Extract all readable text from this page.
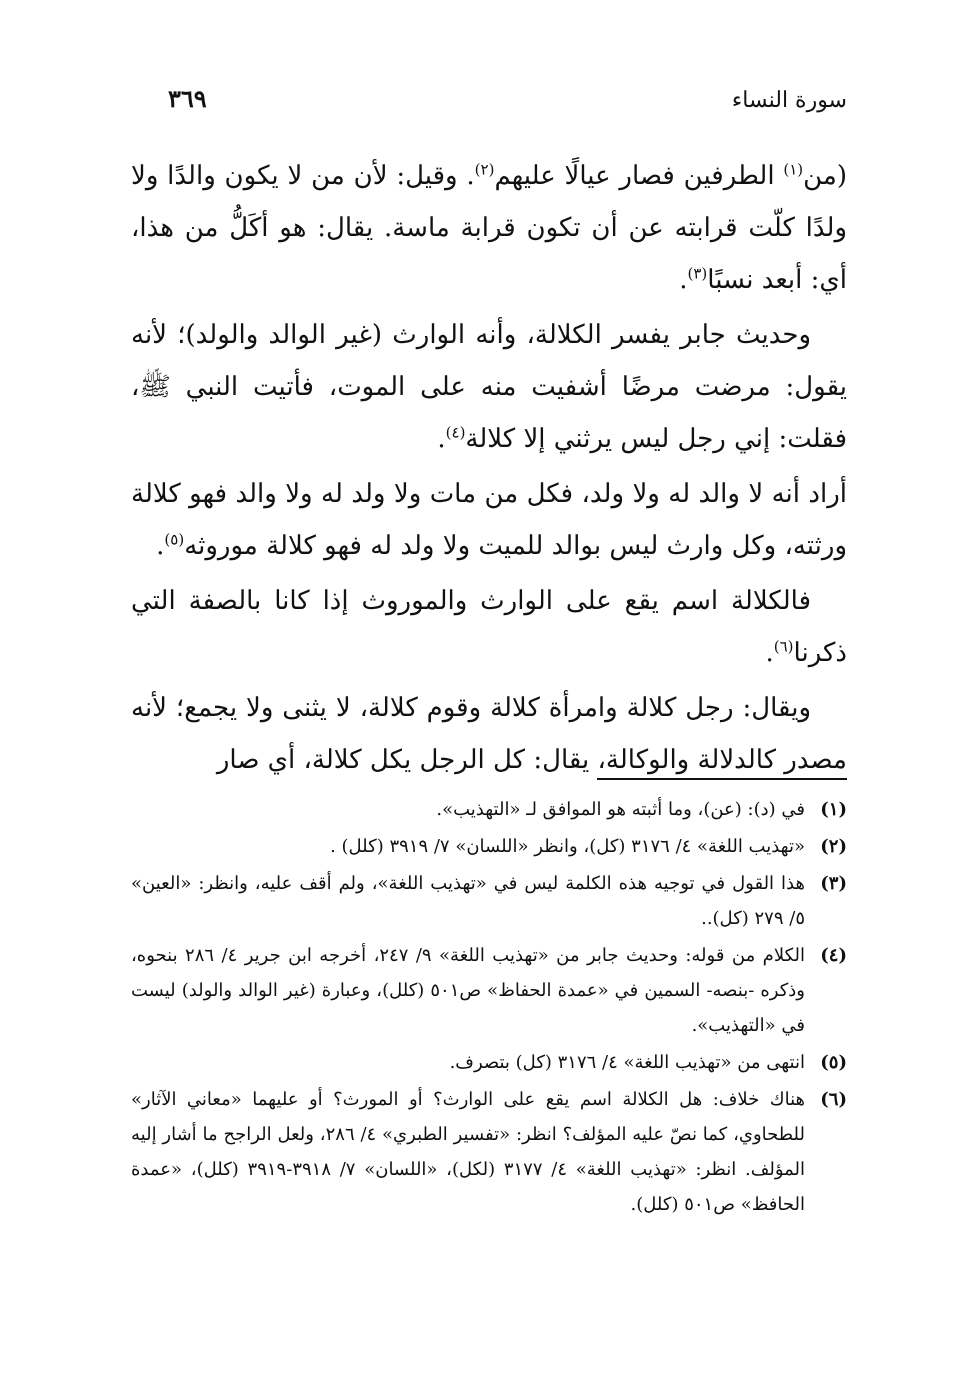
سورة النساء
٣٦٩

(من$^{(١)}$ الطرفين فصار عيالًا عليهم$^{(٢)}$. وقيل: لأن من لا يكون والدًا ولا ولدًا كلّت قرابته عن أن تكون قرابة ماسة. يقال: هو أكَلُّ من هذا، أي: أبعد نسبًا$^{(٣)}$.

وحديث جابر يفسر الكلالة، وأنه الوارث (غير الوالد والولد)؛ لأنه يقول: مرضت مرضًا أشفيت منه على الموت، فأتيت النبي ﷺ، فقلت: إني رجل ليس يرثني إلا كلالة$^{(٤)}$.

أراد أنه لا والد له ولا ولد، فكل من مات ولا ولد له ولا والد فهو كلالة ورثته، وكل وارث ليس بوالد للميت ولا ولد له فهو كلالة موروثه$^{(٥)}$.

فالكلالة اسم يقع على الوارث والموروث إذا كانا بالصفة التي ذكرنا$^{(٦)}$.

ويقال: رجل كلالة وامرأة كلالة وقوم كلالة، لا يثنى ولا يجمع؛ لأنه مصدر كالدلالة والوكالة، يقال: كل الرجل يكل كلالة، أي صار

(١)
في (د): (عن)، وما أثبته هو الموافق لـ «التهذيب».
(٢)
«تهذيب اللغة» ٤/ ٣١٧٦ (كل)، وانظر «اللسان» ٧/ ٣٩١٩ (كلل) .
(٣)
هذا القول في توجيه هذه الكلمة ليس في «تهذيب اللغة»، ولم أقف عليه، وانظر: «العين» ٥/ ٢٧٩ (كل)..
(٤)
الكلام من قوله: وحديث جابر من «تهذيب اللغة» ٩/ ٢٤٧، أخرجه ابن جرير ٤/ ٢٨٦ بنحوه، وذكره -بنصه- السمين في «عمدة الحفاظ» ص٥٠١ (كلل)، وعبارة (غير الوالد والولد) ليست في «التهذيب».
(٥)
انتهى من «تهذيب اللغة» ٤/ ٣١٧٦ (كل) بتصرف.
(٦)
هناك خلاف: هل الكلالة اسم يقع على الوارث؟ أو المورث؟ أو عليهما «معاني الآثار» للطحاوي، كما نصّ عليه المؤلف؟ انظر: «تفسير الطبري» ٤/ ٢٨٦، ولعل الراجح ما أشار إليه المؤلف. انظر: «تهذيب اللغة» ٤/ ٣١٧٧ (لكل)، «اللسان» ٧/ ٣٩١٨-٣٩١٩ (كلل)، «عمدة الحافظ» ص٥٠١ (كلل).
